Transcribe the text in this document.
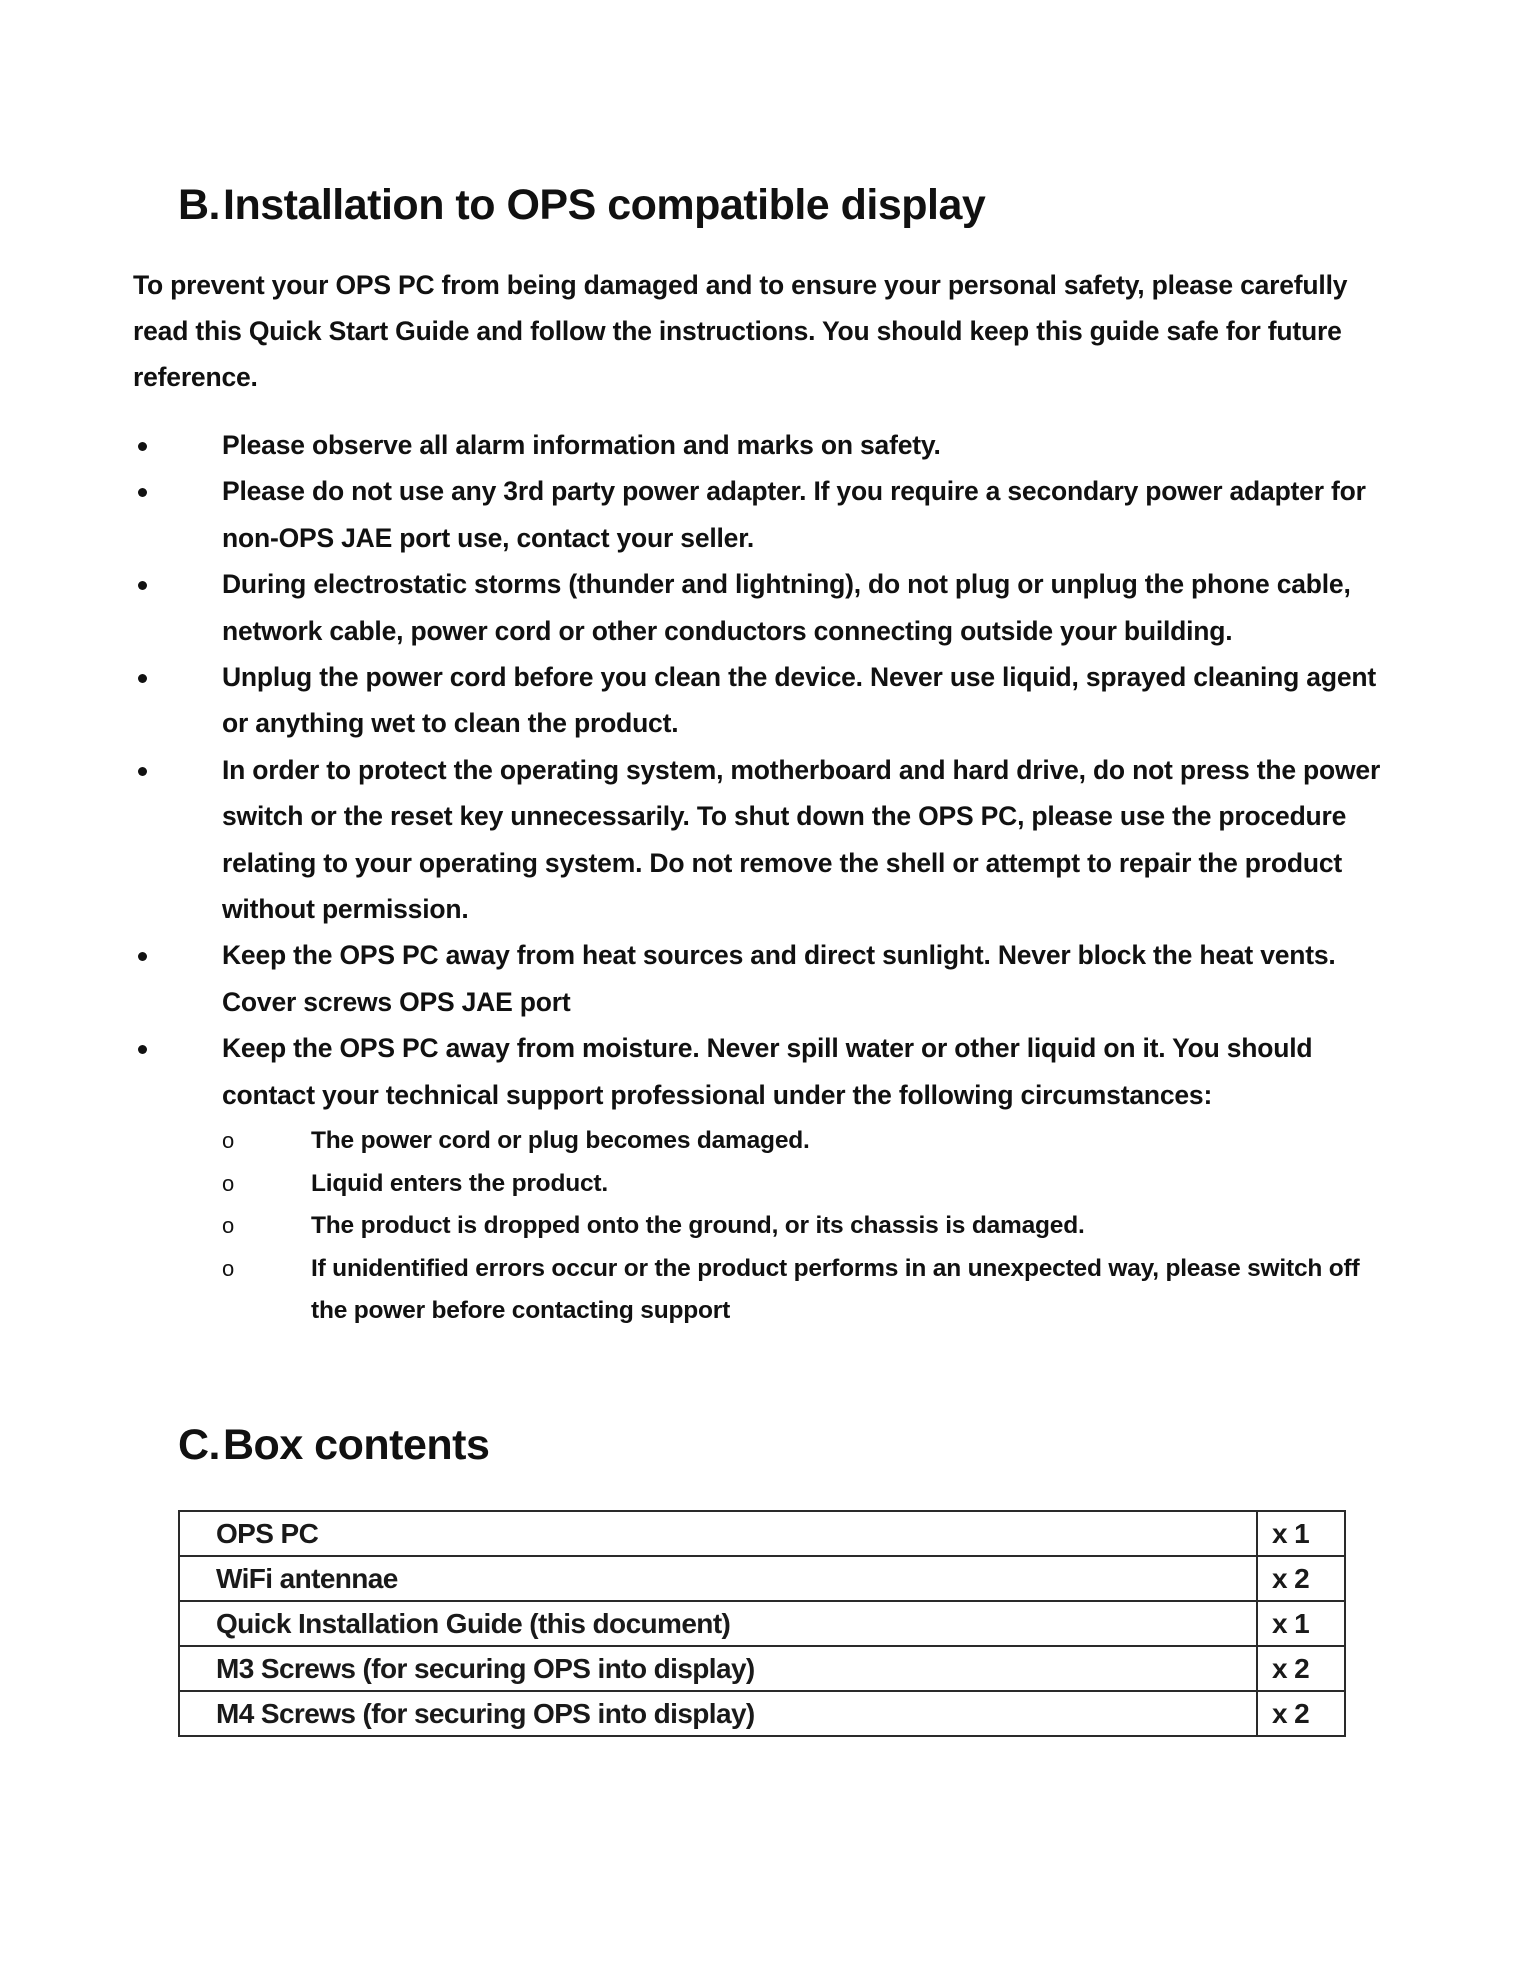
B.Installation to OPS compatible display
To prevent your OPS PC from being damaged and to ensure your personal safety, please carefully read this Quick Start Guide and follow the instructions. You should keep this guide safe for future reference.
Please observe all alarm information and marks on safety.
Please do not use any 3rd party power adapter. If you require a secondary power adapter for non-OPS JAE port use, contact your seller.
During electrostatic storms (thunder and lightning), do not plug or unplug the phone cable, network cable, power cord or other conductors connecting outside your building.
Unplug the power cord before you clean the device. Never use liquid, sprayed cleaning agent or anything wet to clean the product.
In order to protect the operating system, motherboard and hard drive, do not press the power switch or the reset key unnecessarily. To shut down the OPS PC, please use the procedure relating to your operating system. Do not remove the shell or attempt to repair the product without permission.
Keep the OPS PC away from heat sources and direct sunlight. Never block the heat vents. Cover screws OPS JAE port
Keep the OPS PC away from moisture. Never spill water or other liquid on it. You should contact your technical support professional under the following circumstances:
o	The power cord or plug becomes damaged.
o	Liquid enters the product.
o	The product is dropped onto the ground, or its chassis is damaged.
o	If unidentified errors occur or the product performs in an unexpected way, please switch off the power before contacting support
C.Box contents
OPS PC	x 1
WiFi antennae	x 2
Quick Installation Guide (this document)	x 1
M3 Screws (for securing OPS into display)	x 2
M4 Screws (for securing OPS into display)	x 2
